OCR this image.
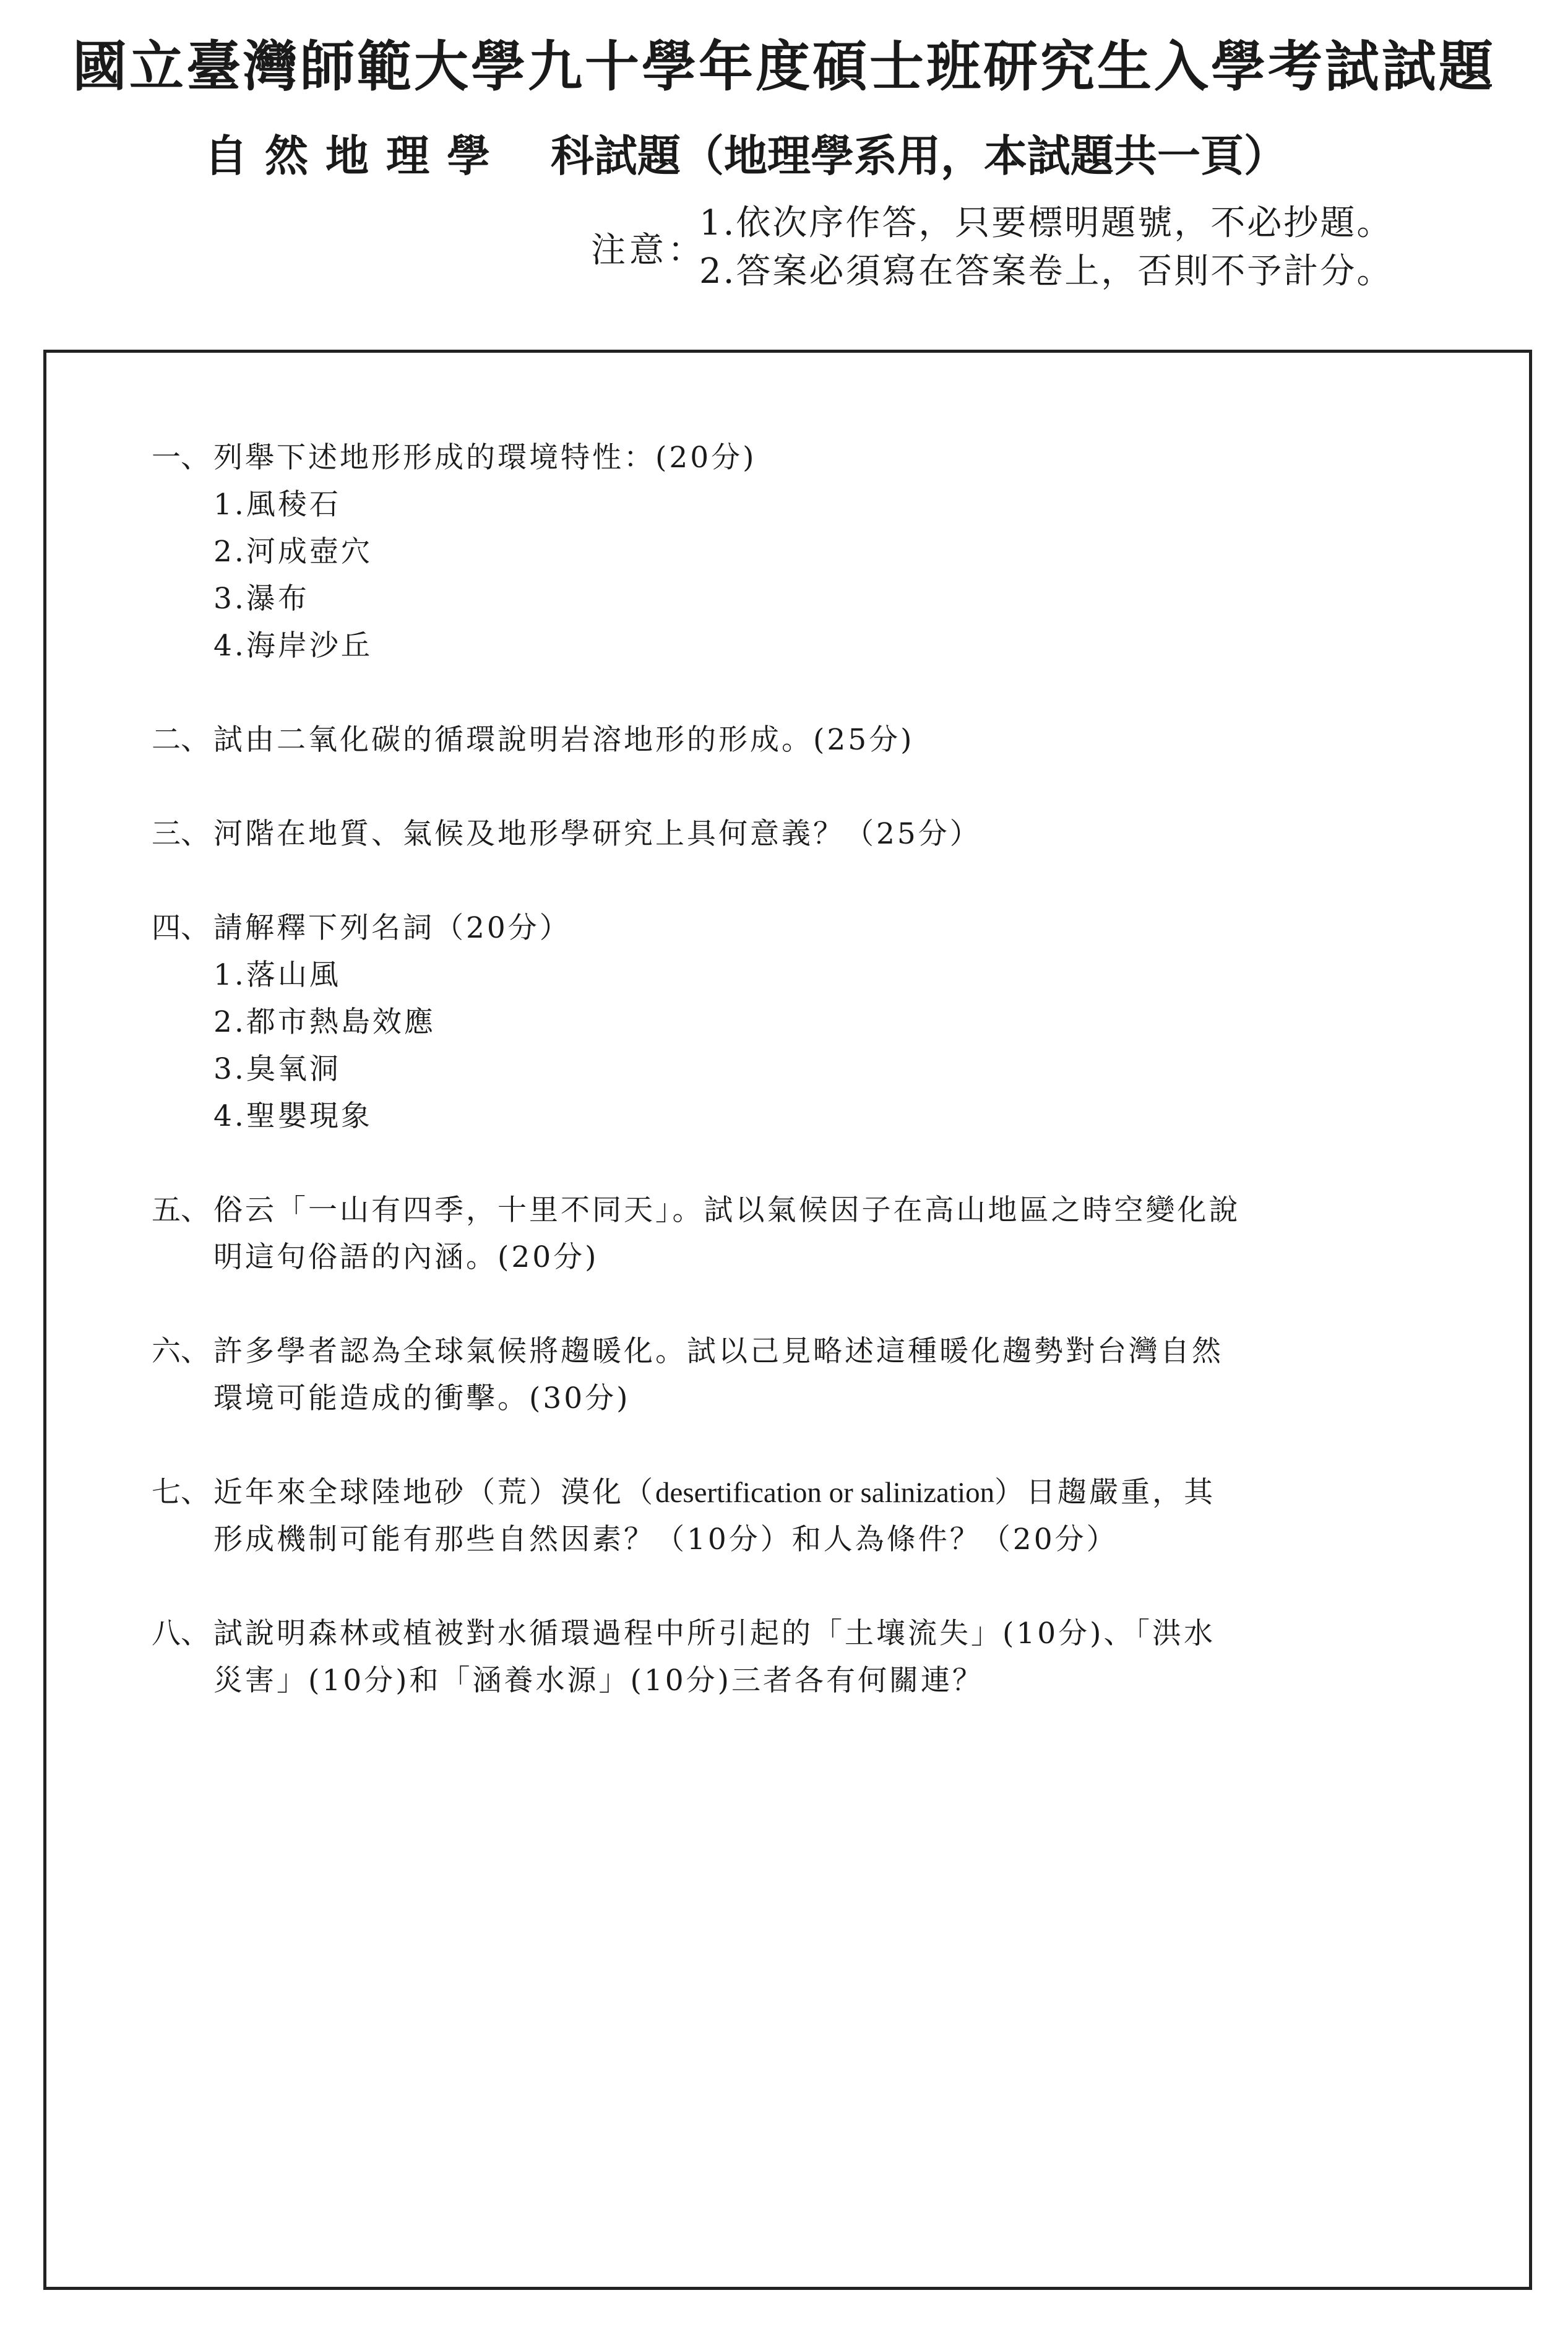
國立臺灣師範大學九十學年度碩士班研究生入學考試試題
自然地理學 科試題（地理學系用，本試題共一頁）
注意：
1.依次序作答，只要標明題號，不必抄題。
2.答案必須寫在答案卷上，否則不予計分。
一、 列舉下述地形形成的環境特性：(20分)
1.風稜石
2.河成壺穴
3.瀑布
4.海岸沙丘
二、 試由二氧化碳的循環說明岩溶地形的形成。(25分)
三、 河階在地質、氣候及地形學研究上具何意義？（25分）
四、 請解釋下列名詞（20分）
1.落山風
2.都市熱島效應
3.臭氧洞
4.聖嬰現象
五、 俗云「一山有四季，十里不同天」。試以氣候因子在高山地區之時空變化說明這句俗語的內涵。(20分)
六、 許多學者認為全球氣候將趨暖化。試以己見略述這種暖化趨勢對台灣自然環境可能造成的衝擊。(30分)
七、 近年來全球陸地砂（荒）漠化（desertification or salinization）日趨嚴重，其形成機制可能有那些自然因素？（10分）和人為條件？（20分）
八、 試說明森林或植被對水循環過程中所引起的「土壤流失」(10分)、「洪水災害」(10分)和「涵養水源」(10分)三者各有何關連？
